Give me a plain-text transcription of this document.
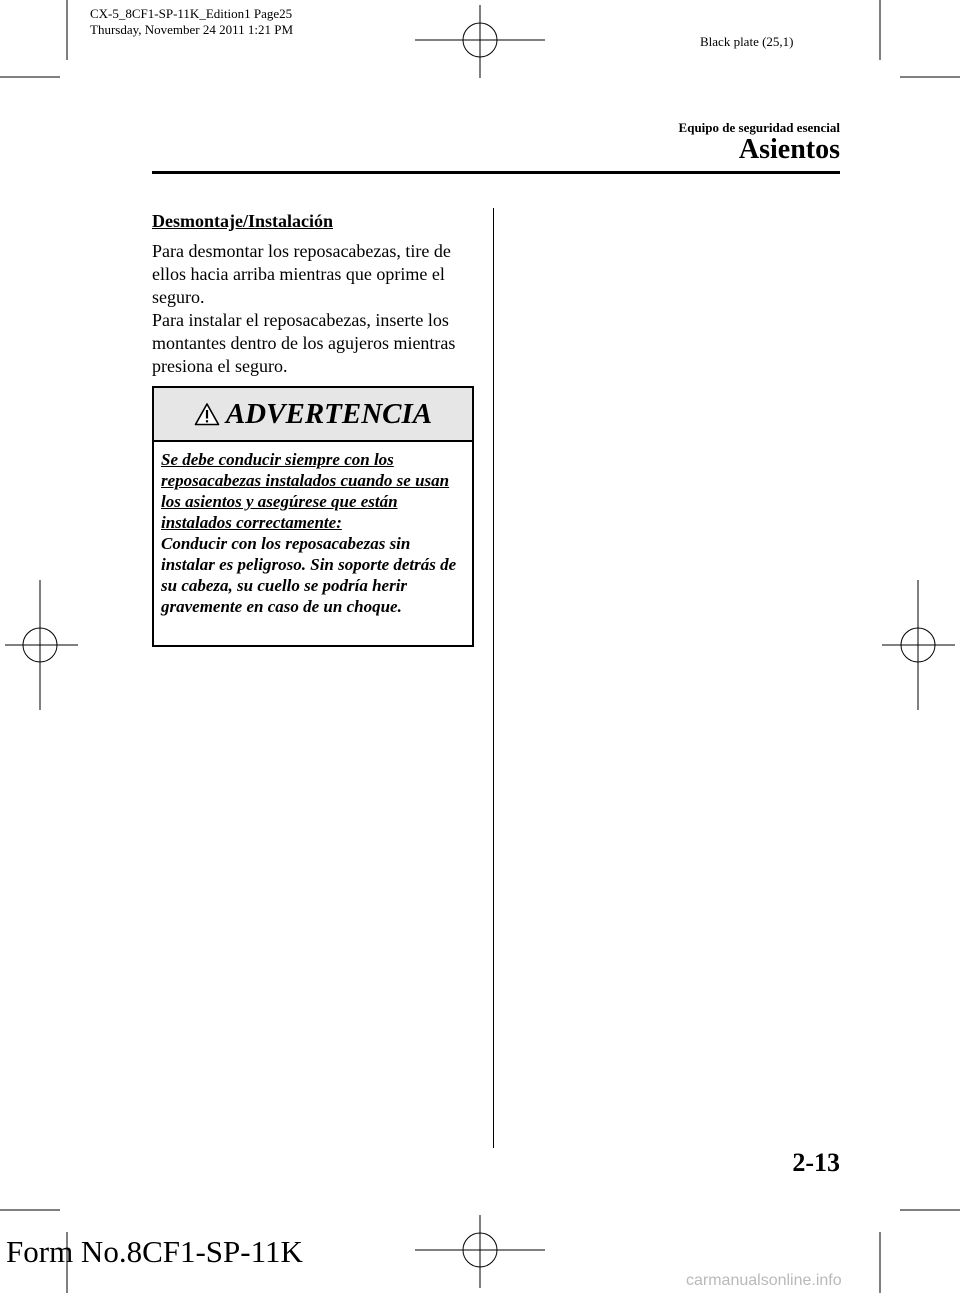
CX-5_8CF1-SP-11K_Edition1 Page25
Thursday, November 24 2011 1:21 PM
Black plate (25,1)
Equipo de seguridad esencial
Asientos
Desmontaje/Instalación

Para desmontar los reposacabezas, tire de ellos hacia arriba mientras que oprime el seguro.

Para instalar el reposacabezas, inserte los montantes dentro de los agujeros mientras presiona el seguro.

ADVERTENCIA
Se debe conducir siempre con los reposacabezas instalados cuando se usan los asientos y asegúrese que están instalados correctamente:
Conducir con los reposacabezas sin instalar es peligroso. Sin soporte detrás de su cabeza, su cuello se podría herir gravemente en caso de un choque.
2-13
Form No.8CF1-SP-11K
carmanualsonline.info
